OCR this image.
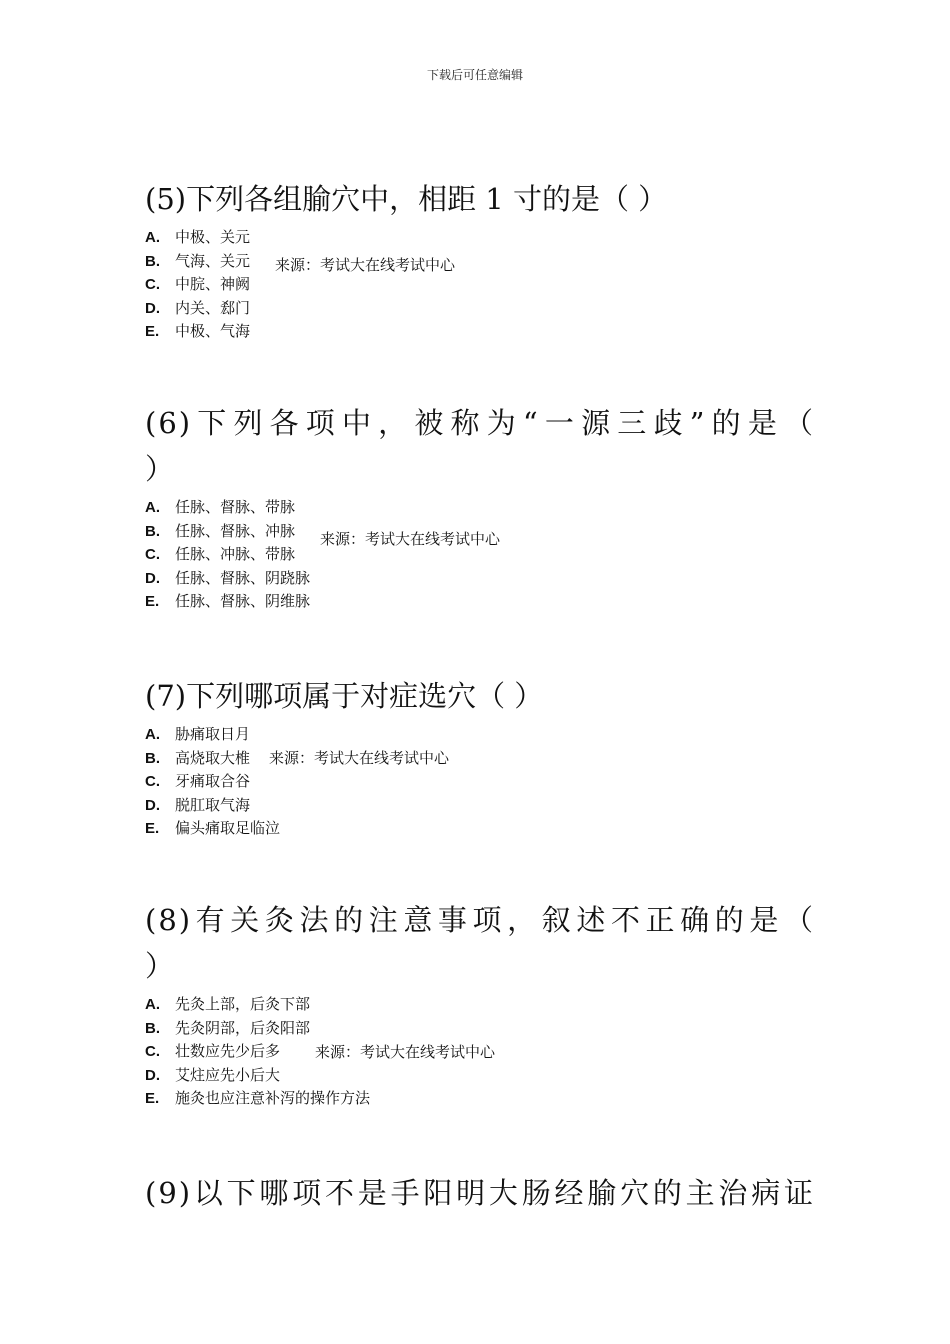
下载后可任意编辑
(5)下列各组腧穴中，相距 1 寸的是（ ）
A. 中极、关元
B. 气海、关元
C. 中脘、神阙
D. 内关、郄门
E. 中极、气海
来源：考试大在线考试中心
(6)下列各项中，被称为“一源三歧”的是（
）
A. 任脉、督脉、带脉
B. 任脉、督脉、冲脉
C. 任脉、冲脉、带脉
D. 任脉、督脉、阴跷脉
E. 任脉、督脉、阴维脉
来源：考试大在线考试中心
(7)下列哪项属于对症选穴（ ）
A. 胁痛取日月
B. 高烧取大椎
C. 牙痛取合谷
D. 脱肛取气海
E. 偏头痛取足临泣
来源：考试大在线考试中心
(8)有关灸法的注意事项，叙述不正确的是（
）
A. 先灸上部，后灸下部
B. 先灸阴部，后灸阳部
C. 壮数应先少后多
D. 艾炷应先小后大
E. 施灸也应注意补泻的操作方法
来源：考试大在线考试中心
(9)以下哪项不是手阳明大肠经腧穴的主治病证
